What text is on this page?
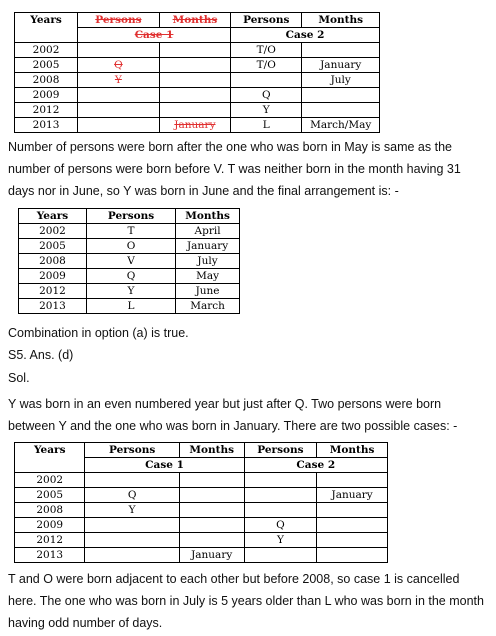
Years	Persons	Months	Persons	Months
	Case 1		Case 2	
2002			T/O	
2005	Q		T/O	January
2008	Y			July
2009			Q	
2012			Y	
2013		January	L	March/May

Number of persons were born after the one who was born in May is same as the number of persons were born before V. T was neither born in the month having 31 days nor in June, so Y was born in June and the final arrangement is: -

Years	Persons	Months
2002	T	April
2005	O	January
2008	V	July
2009	Q	May
2012	Y	June
2013	L	March

Combination in option (a) is true.

S5. Ans. (d)

Sol.

Y was born in an even numbered year but just after Q. Two persons were born between Y and the one who was born in January. There are two possible cases: -

Years	Persons	Months	Persons	Months
	Case 1		Case 2	
2002				
2005	Q			January
2008	Y			
2009			Q	
2012			Y	
2013		January		

T and O were born adjacent to each other but before 2008, so case 1 is cancelled here. The one who was born in July is 5 years older than L who was born in the month having odd number of days.
